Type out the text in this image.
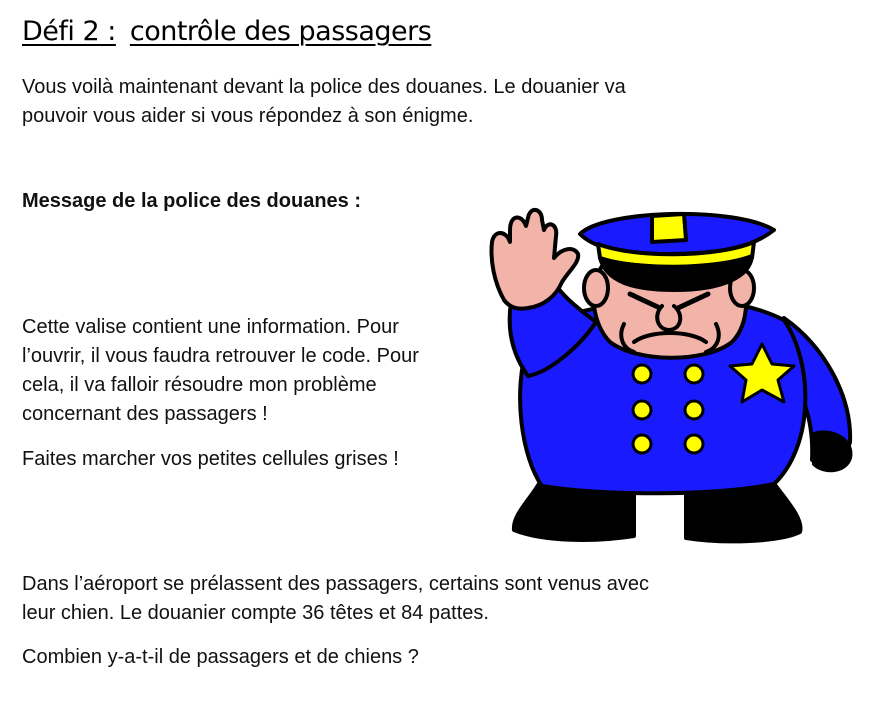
Défi 2 : contrôle des passagers

Vous voilà maintenant devant la police des douanes. Le douanier va

pouvoir vous aider si vous répondez à son énigme.

Message de la police des douanes :

Cette valise contient une information. Pour

l’ouvrir, il vous faudra retrouver le code. Pour

cela, il va falloir résoudre mon problème

concernant des passagers !

Faites marcher vos petites cellules grises !

Dans l’aéroport se prélassent des passagers, certains sont venus avec

leur chien. Le douanier compte 36 têtes et 84 pattes.

Combien y-a-t-il de passagers et de chiens ?
